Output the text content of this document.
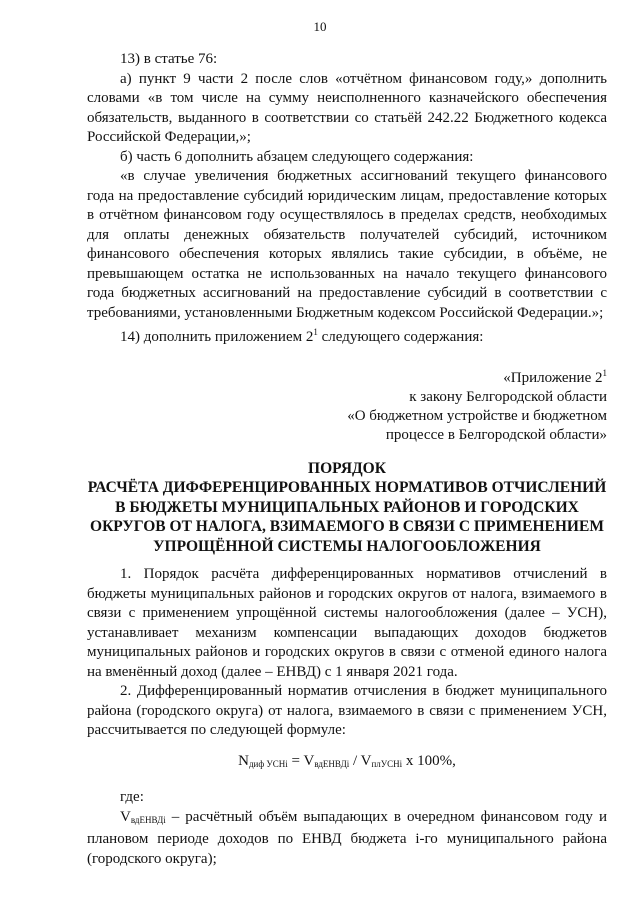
10

13) в статье 76:

а) пункт 9 части 2 после слов «отчётном финансовом году,» дополнить словами «в том числе на сумму неисполненного казначейского обеспечения обязательств, выданного в соответствии со статьёй 242.22 Бюджетного кодекса Российской Федерации,»;

б) часть 6 дополнить абзацем следующего содержания:

«в случае увеличения бюджетных ассигнований текущего финансового года на предоставление субсидий юридическим лицам, предоставление которых в отчётном финансовом году осуществлялось в пределах средств, необходимых для оплаты денежных обязательств получателей субсидий, источником финансового обеспечения которых являлись такие субсидии, в объёме, не превышающем остатка не использованных на начало текущего финансового года бюджетных ассигнований на предоставление субсидий в соответствии с требованиями, установленными Бюджетным кодексом Российской Федерации.»;

14) дополнить приложением $2^1$ следующего содержания:

«Приложение $2^1$
к закону Белгородской области
«О бюджетном устройстве и бюджетном
процессе в Белгородской области»
ПОРЯДОК
РАСЧЁТА ДИФФЕРЕНЦИРОВАННЫХ НОРМАТИВОВ ОТЧИСЛЕНИЙ
В БЮДЖЕТЫ МУНИЦИПАЛЬНЫХ РАЙОНОВ И ГОРОДСКИХ
ОКРУГОВ ОТ НАЛОГА, ВЗИМАЕМОГО В СВЯЗИ С ПРИМЕНЕНИЕМ
УПРОЩЁННОЙ СИСТЕМЫ НАЛОГООБЛОЖЕНИЯ

1. Порядок расчёта дифференцированных нормативов отчислений в бюджеты муниципальных районов и городских округов от налога, взимаемого в связи с применением упрощённой системы налогообложения (далее – УСН), устанавливает механизм компенсации выпадающих доходов бюджетов муниципальных районов и городских округов в связи с отменой единого налога на вменённый доход (далее – ЕНВД) с 1 января 2021 года.

2. Дифференцированный норматив отчисления в бюджет муниципального района (городского округа) от налога, взимаемого в связи с применением УСН, рассчитывается по следующей формуле:

$N_{диф УСНi} = V_{вдЕНВДi} / V_{плУСНi}$ x 100%,

где:

$V_{вдЕНВДi}$ – расчётный объём выпадающих в очередном финансовом году и плановом периоде доходов по ЕНВД бюджета i-го муниципального района (городского округа);
